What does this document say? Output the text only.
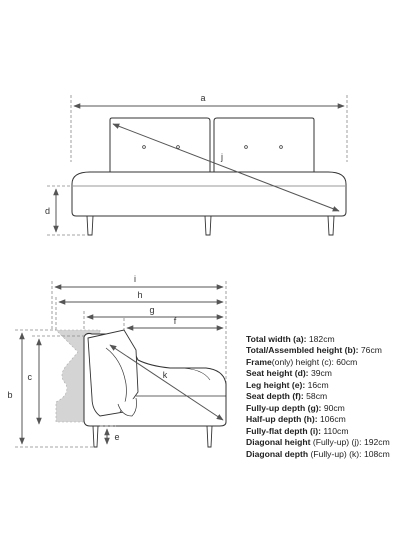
a
j
d
i
h
g
f
k
b
c
e
Total width (a): 182cm
Total/Assembled height (b): 76cm
Frame(only) height (c): 60cm
Seat height (d): 39cm
Leg height (e): 16cm
Seat depth (f): 58cm
Fully-up depth (g): 90cm
Half-up depth (h): 106cm
Fully-flat depth (i): 110cm
Diagonal height (Fully-up) (j): 192cm
Diagonal depth (Fully-up) (k): 108cm
